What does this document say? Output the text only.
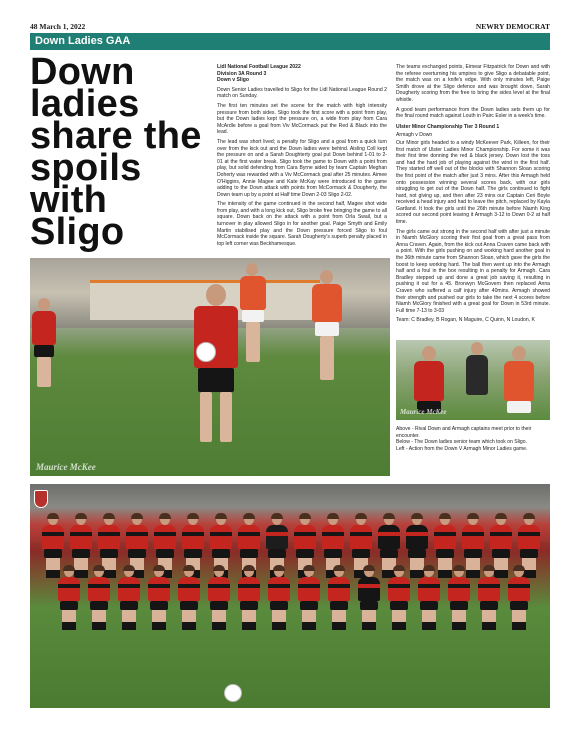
48 March 1, 2022	NEWRY DEMOCRAT
Down Ladies GAA
Down ladies share the spoils with Sligo
Lidl National Football League 2022
Division 3A Round 3
Down v Sligo

Down Senior Ladies travelled to Sligo for the Lidl National League Round 2 match on Sunday.

The first ten minutes set the scene for the match with high intensity pressure from both sides. Sligo took the first score with a point from play, but the Down ladies kept the pressure on, a wide from play from Cara McArdle before a goal from Viv McCormack put the Red & Black into the lead.

The lead was short lived; a penalty for Sligo and a goal from a quick turn over from the kick out and the Down ladies were behind. Aisling Coll kept the pressure on and a Sarah Doughterty goal put Down behind 1-01 to 2-01 at the first water break. Sligo took the game to Down with a point from play, but solid defending from Cara Byrne aided by team Captain Meghan Doherty was rewarded with a Viv McCormack goal after 25 minutes. Aimee O'Higgins, Annie Magee and Kate McKay were introduced to the game adding to the Down attack with points from McCormack & Dougherty, the Down team up by a point at Half time Down 2-03 Sligo 2-02.

The intensity of the game continued in the second half, Magee shot wide from play, and with a long kick out, Sligo broke free bringing the game to all square. Down back on the attack with a point from Orla Swail, but a turnover in play allowed Sligo in for another goal. Paige Smyth and Emily Martin stabilised play and the Down pressure forced Sligo to foul McCormack inside the square. Sarah Dougherty's superb penalty placed in top left corner was Beckhamesque.

The teams exchanged points, Eimear Fitzpatrick for Down and with the referee overturning his umpires to give Sligo a debatable point, the match was on a knife's edge. With only minutes left, Paige Smith drove at the Sligo defence and was brought down, Sarah Dougherty scoring from the free to bring the sides level at the final whistle.

A good team performance from the Down ladies sets them up for the final round match against Louth in Pairc Esler in a week's time.

Ulster Minor Championship Tier 3 Round 1

Armagh v Down

Our Minor girls headed to a windy McKeever Park, Killeen, for their first match of Ulster Ladies Minor Championship. For some it was their first time donning the red & black jersey. Down lost the toss and had the hard job of playing against the wind in the first half. They started off well out of the blocks with Shannon Sloan scoring the first point of the match after just 3 mins. After this Armagh held onto possession winning several scores back, with our girls struggling to get out of the Down half. The girls continued to fight hard, not giving up, and then after 23 mins our Captain Ceri Boyle received a head injury and had to leave the pitch, replaced by Kayla Gartland. It took the girls until the 26th minute before Niamh King scored our second point leaving it Armagh 3-12 to Down 0-2 at half time.

The girls came out strong in the second half with after just a minute in Niamh McGlory scoring their first goal from a great pass from Anna Craven. Again, from the kick out Anna Craven came back with a point. With the girls pushing on and working hard another goal in the 36th minute came from Shannon Sloan, which gave the girls the boost to keep working hard. The ball then went up into the Armagh half and a foul in the box resulting in a penalty for Armagh. Cara Bradley stepped up and done a great job saving it, resulting in pushing it out for a 45. Bronwyn McGovern then replaced Anna Craven who suffered a calf injury after 40mins. Armagh showed their strength and pushed our girls to take the next 4 scores before Niamh McGlory finished with a great goal for Down in 53rd minute. Full time 7-13 to 3-03

Team: C Bradley, B Rogan, N Maguire, C Quinn, N Loudon, K

Maurice McKee
Maurice McKee
Above - Rival Down and Armagh captains meet prior to their encounter.
Below - The Down ladies senior team which took on Sligo.
Left - Action from the Down V Armagh Minor Ladies game.
